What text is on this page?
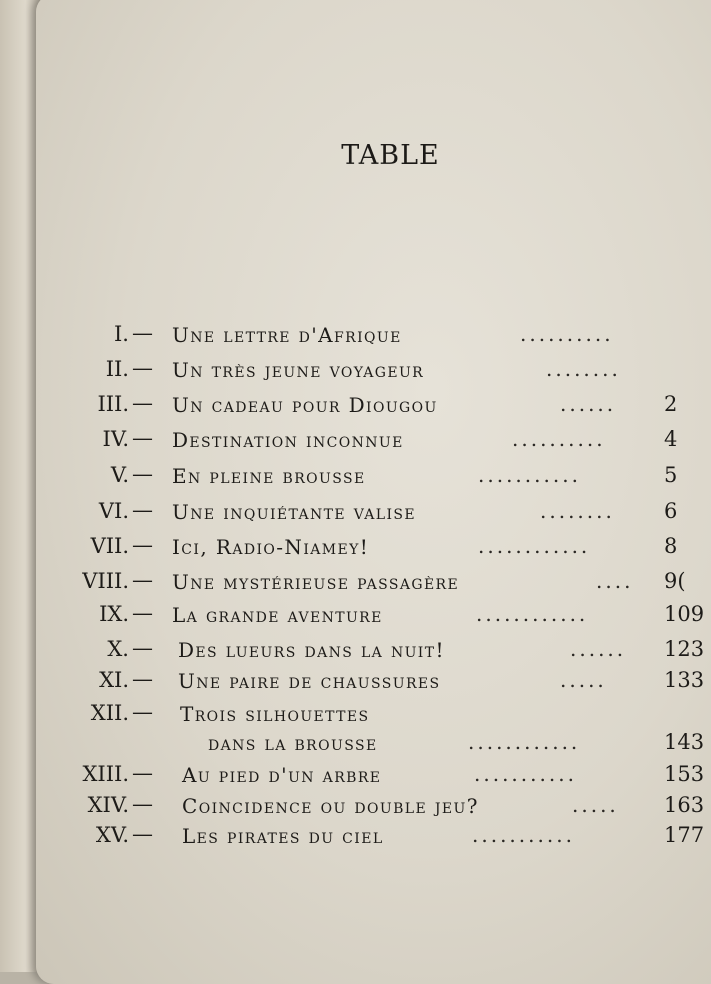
TABLE
I. — Une lettre d'Afrique	..........
II. — Un très jeune voyageur	........
III. — Un cadeau pour Diougou	...... 2
IV. — Destination inconnue	..........	4
V. — En pleine brousse	...........	5
VI. — Une inquiétante valise	........ 6
VII. — Ici, Radio-Niamey!	............	8
VIII. — Une mystérieuse passagère	.... 9(
IX. — La grande aventure	............	109
X. — Des lueurs dans la nuit!	...... 123
XI. — Une paire de chaussures	.....	133
XII. — Trois silhouettes
dans la brousse	............	143
XIII. — Au pied d'un arbre	...........	153
XIV. — Coincidence ou double jeu?	..... 163
XV. — Les pirates du ciel	...........	177
